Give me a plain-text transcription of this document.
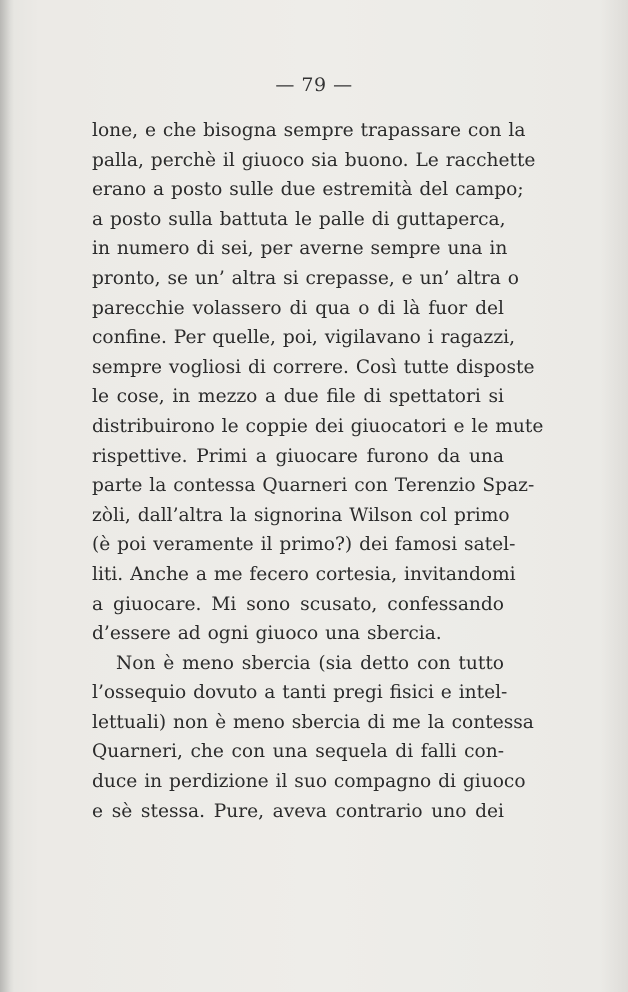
— 79 —
lone, e che bisogna sempre trapassare con la
palla, perchè il giuoco sia buono. Le racchette
erano a posto sulle due estremità del campo;
a posto sulla battuta le palle di guttaperca,
in numero di sei, per averne sempre una in
pronto, se un’ altra si crepasse, e un’ altra o
parecchie volassero di qua o di là fuor del
confine. Per quelle, poi, vigilavano i ragazzi,
sempre vogliosi di correre. Così tutte disposte
le cose, in mezzo a due file di spettatori si
distribuirono le coppie dei giuocatori e le mute
rispettive. Primi a giuocare furono da una
parte la contessa Quarneri con Terenzio Spaz-
zòli, dall’altra la signorina Wilson col primo
(è poi veramente il primo?) dei famosi satel-
liti. Anche a me fecero cortesia, invitandomi
a giuocare. Mi sono scusato, confessando
d’essere ad ogni giuoco una sbercia.
Non è meno sbercia (sia detto con tutto
l’ossequio dovuto a tanti pregi fisici e intel-
lettuali) non è meno sbercia di me la contessa
Quarneri, che con una sequela di falli con-
duce in perdizione il suo compagno di giuoco
e sè stessa. Pure, aveva contrario uno dei
